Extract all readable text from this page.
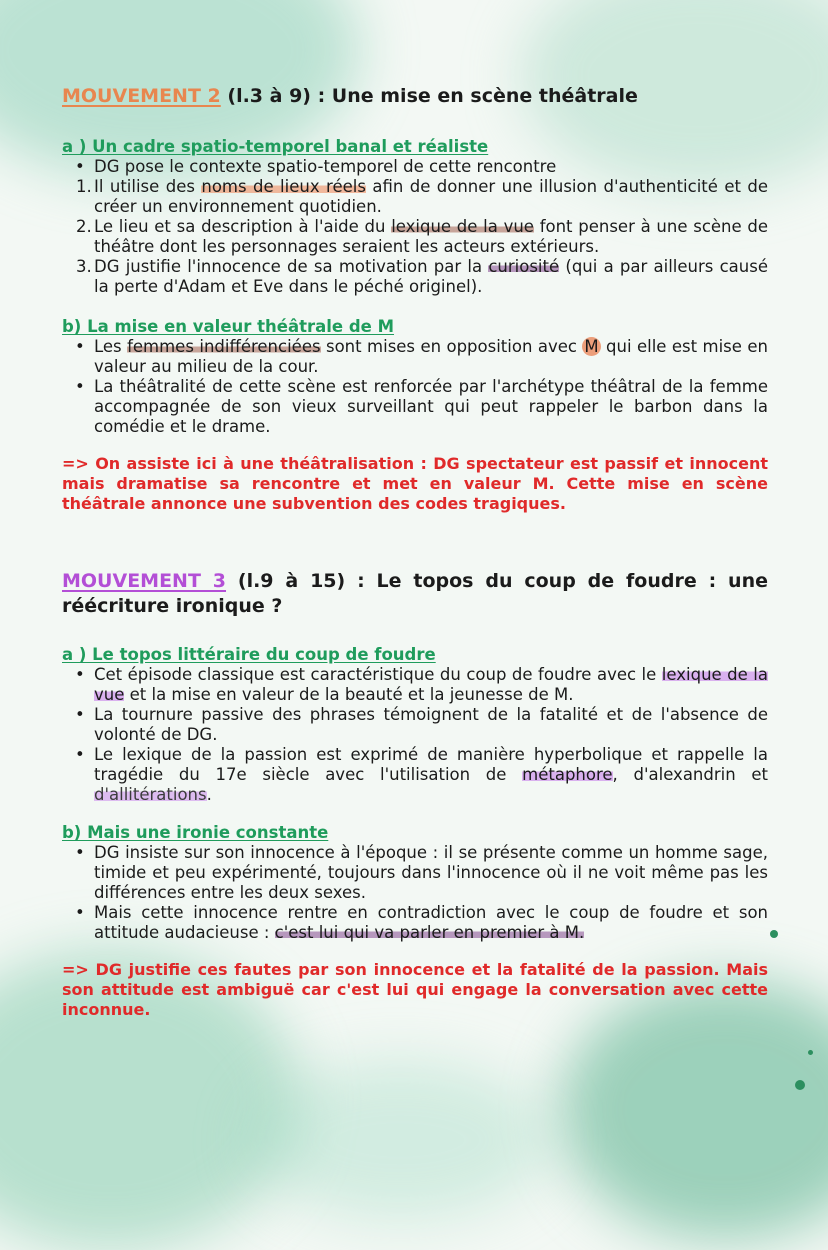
MOUVEMENT 2 (l.3 à 9) : Une mise en scène théâtrale
a ) Un cadre spatio-temporel banal et réaliste
• DG pose le contexte spatio-temporel de cette rencontre
1. Il utilise des noms de lieux réels afin de donner une illusion d'authenticité et de créer un environnement quotidien.
2. Le lieu et sa description à l'aide du lexique de la vue font penser à une scène de théâtre dont les personnages seraient les acteurs extérieurs.
3. DG justifie l'innocence de sa motivation par la curiosité (qui a par ailleurs causé la perte d'Adam et Eve dans le péché originel).
b) La mise en valeur théâtrale de M
• Les femmes indifférenciées sont mises en opposition avec M qui elle est mise en valeur au milieu de la cour.
• La théâtralité de cette scène est renforcée par l'archétype théâtral de la femme accompagnée de son vieux surveillant qui peut rappeler le barbon dans la comédie et le drame.

=> On assiste ici à une théâtralisation : DG spectateur est passif et innocent mais dramatise sa rencontre et met en valeur M. Cette mise en scène théâtrale annonce une subvention des codes tragiques.

MOUVEMENT 3 (l.9 à 15) : Le topos du coup de foudre : une réécriture ironique ?
a ) Le topos littéraire du coup de foudre
• Cet épisode classique est caractéristique du coup de foudre avec le lexique de la vue et la mise en valeur de la beauté et la jeunesse de M.
• La tournure passive des phrases témoignent de la fatalité et de l'absence de volonté de DG.
• Le lexique de la passion est exprimé de manière hyperbolique et rappelle la tragédie du 17e siècle avec l'utilisation de métaphore, d'alexandrin et d'allitérations.
b) Mais une ironie constante
• DG insiste sur son innocence à l'époque : il se présente comme un homme sage, timide et peu expérimenté, toujours dans l'innocence où il ne voit même pas les différences entre les deux sexes.
• Mais cette innocence rentre en contradiction avec le coup de foudre et son attitude audacieuse : c'est lui qui va parler en premier à M.

=> DG justifie ces fautes par son innocence et la fatalité de la passion. Mais son attitude est ambiguë car c'est lui qui engage la conversation avec cette inconnue.
